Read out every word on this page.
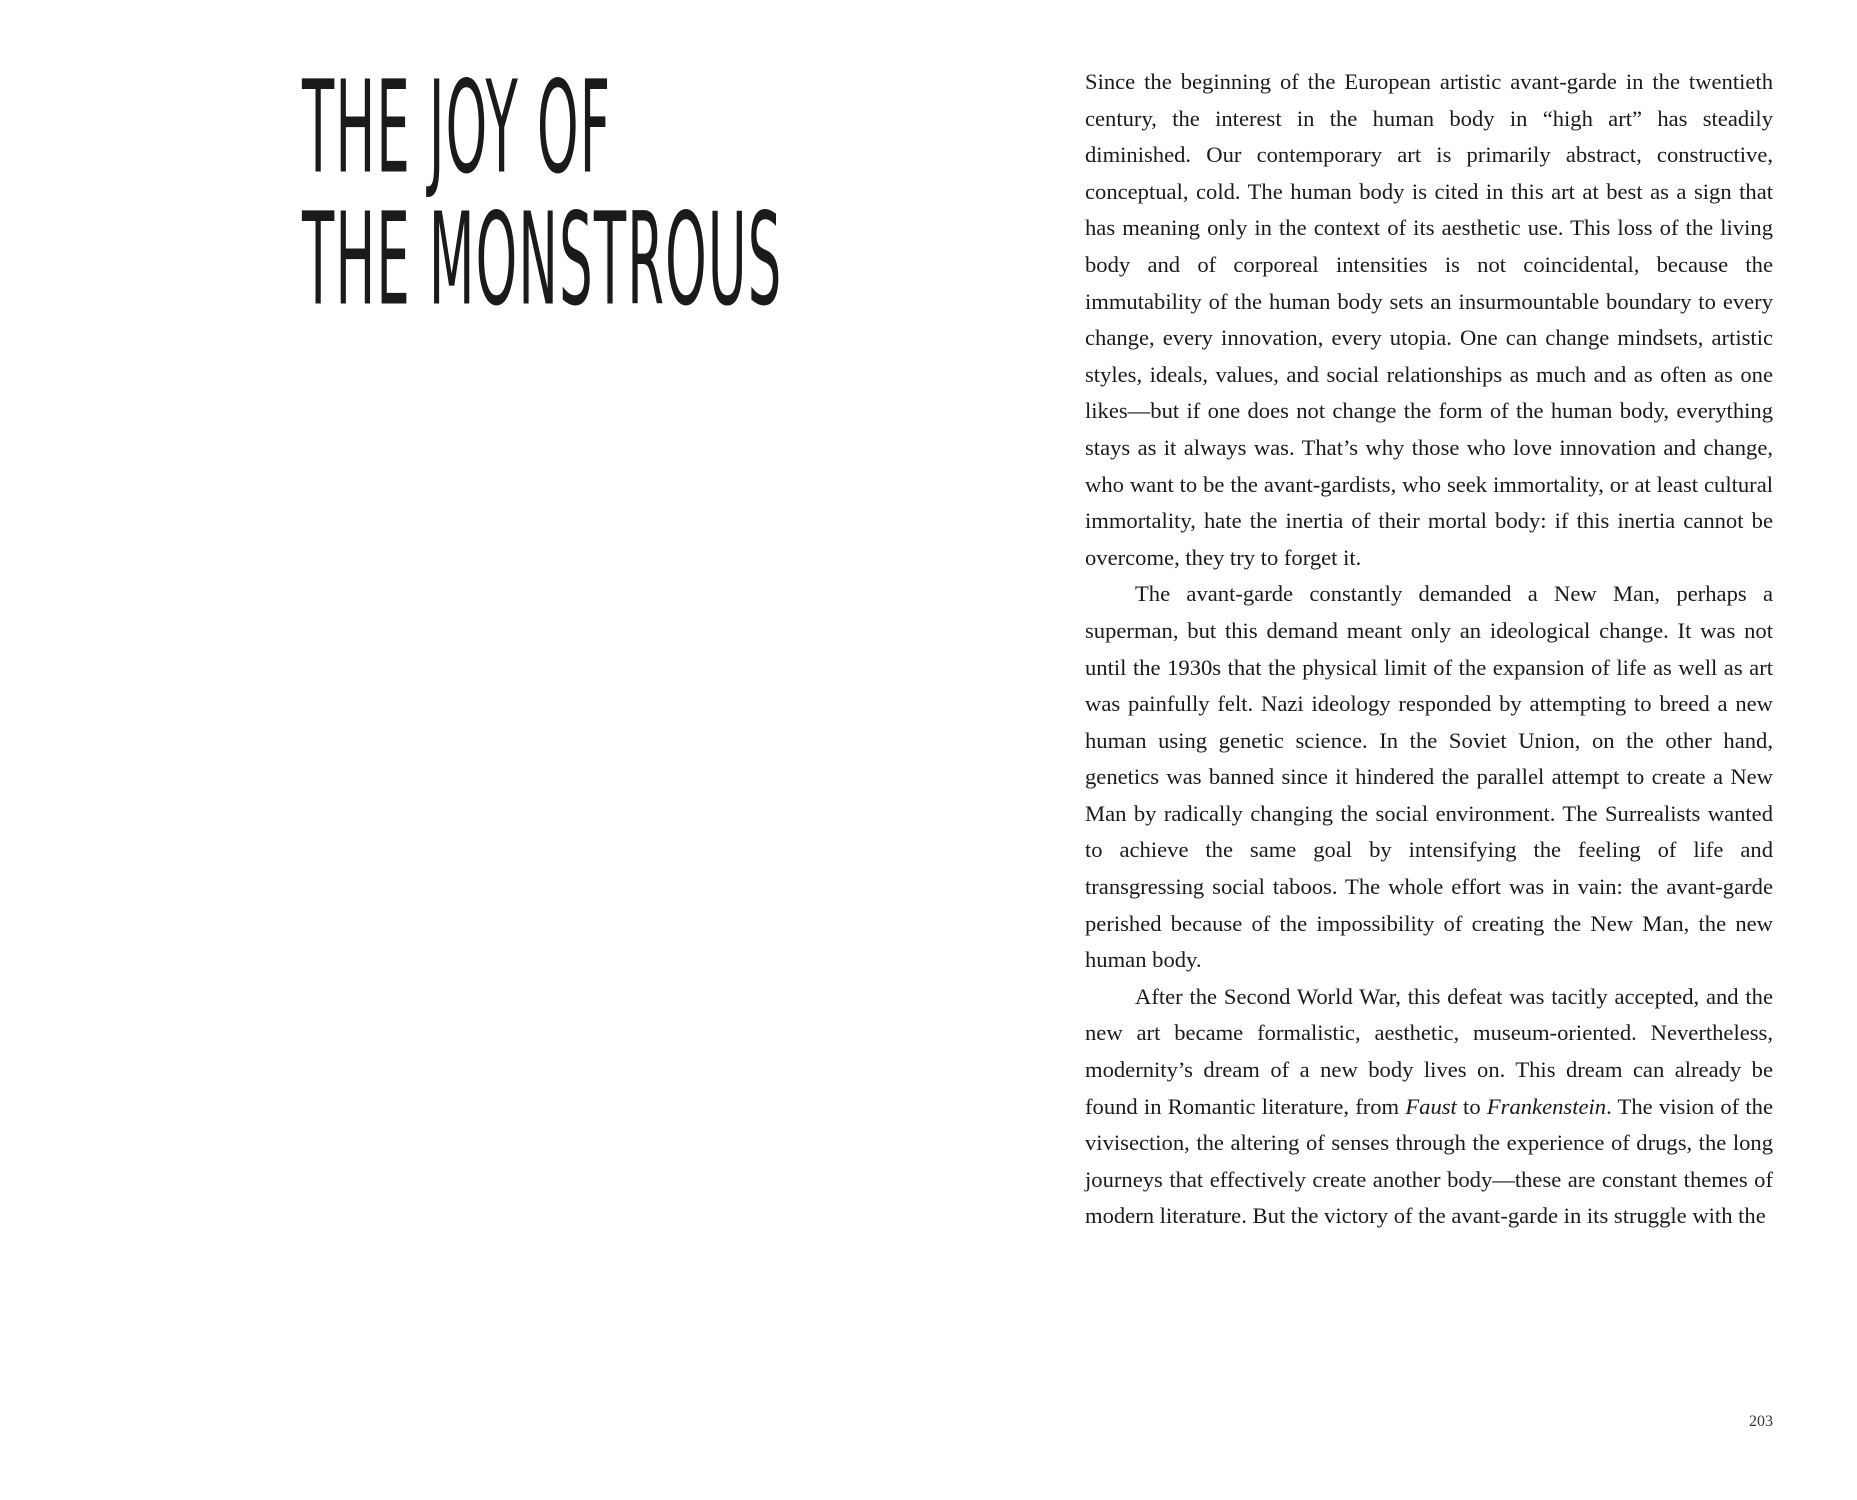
THE JOY OF
THE MONSTROUS

Since the beginning of the European artistic avant-garde in the twentieth century, the interest in the human body in “high art” has steadily diminished. Our contemporary art is primarily abstract, constructive, conceptual, cold. The human body is cited in this art at best as a sign that has meaning only in the context of its aesthetic use. This loss of the living body and of corporeal intensities is not coincidental, because the immutability of the human body sets an insurmountable boundary to every change, every innovation, every utopia. One can change mindsets, artistic styles, ideals, values, and social relationships as much and as often as one likes—but if one does not change the form of the human body, everything stays as it always was. That’s why those who love innovation and change, who want to be the avant-gardists, who seek immortality, or at least cultural immortality, hate the inertia of their mortal body: if this inertia cannot be overcome, they try to forget it.

The avant-garde constantly demanded a New Man, perhaps a superman, but this demand meant only an ideological change. It was not until the 1930s that the physical limit of the expansion of life as well as art was painfully felt. Nazi ideology responded by attempting to breed a new human using genetic science. In the Soviet Union, on the other hand, genetics was banned since it hindered the parallel attempt to create a New Man by radically changing the social environment. The Surrealists wanted to achieve the same goal by intensifying the feeling of life and transgressing social taboos. The whole effort was in vain: the avant-garde perished because of the impossibility of creating the New Man, the new human body.

After the Second World War, this defeat was tacitly accepted, and the new art became formalistic, aesthetic, museum-oriented. Nevertheless, modernity’s dream of a new body lives on. This dream can already be found in Romantic literature, from Faust to Frankenstein. The vision of the vivisection, the altering of senses through the experience of drugs, the long journeys that effectively create another body—these are constant themes of modern literature. But the victory of the avant-garde in its struggle with the

203
